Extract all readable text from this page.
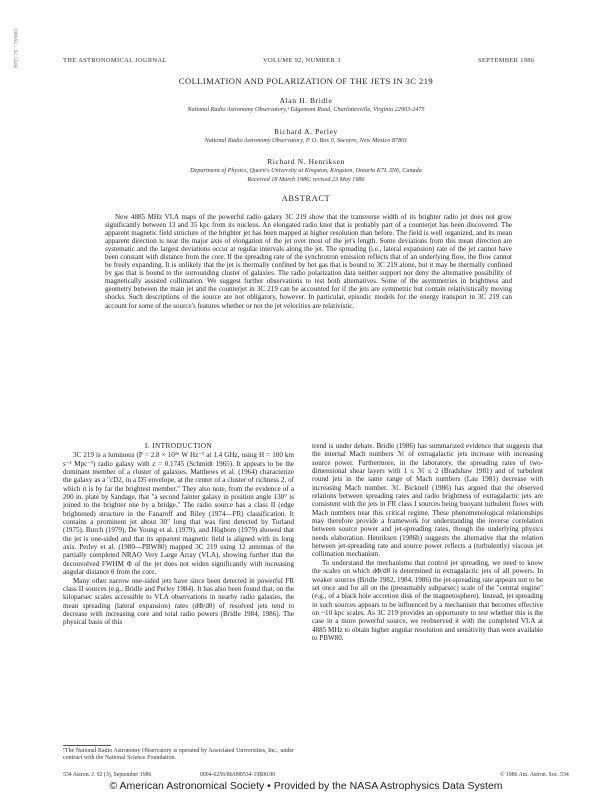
1986AJ.....92..534B	THE ASTRONOMICAL JOURNAL	VOLUME 92, NUMBER 3	SEPTEMBER 1986
COLLIMATION AND POLARIZATION OF THE JETS IN 3C 219
Alan H. Bridle
National Radio Astronomy Observatory,¹ Edgemont Road, Charlottesville, Virginia 22903-2475
Richard A. Perley
National Radio Astronomy Observatory, P. O. Box 0, Socorro, New Mexico 87801
Richard N. Henriksen
Department of Physics, Queen's University at Kingston, Kingston, Ontario K7L 3N6, Canada
Received 18 March 1986; revised 23 May 1986
ABSTRACT
New 4885 MHz VLA maps of the powerful radio galaxy 3C 219 show that the transverse width of its brighter radio jet does not grow significantly between 13 and 35 kpc from its nucleus. An elongated radio knot that is probably part of a counterjet has been discovered. The apparent magnetic field structure of the brighter jet has been mapped at higher resolution than before. The field is well organized, and its mean apparent direction is near the major axis of elongation of the jet over most of the jet's length. Some deviations from this mean direction are systematic and the largest deviations occur at regular intervals along the jet. The spreading (i.e., lateral expansion) rate of the jet cannot have been constant with distance from the core. If the spreading rate of the synchrotron emission reflects that of an underlying flow, the flow cannot be freely expanding. It is unlikely that the jet is thermally confined by hot gas that is bound to 3C 219 alone, but it may be thermally confined by gas that is bound to the surrounding cluster of galaxies. The radio polarization data neither support nor deny the alternative possibility of magnetically assisted collimation. We suggest further observations to test both alternatives. Some of the asymmetries in brightness and geometry between the main jet and the counterjet in 3C 219 can be accounted for if the jets are symmetric but contain relativistically moving shocks. Such descriptions of the source are not obligatory, however. In particular, episodic models for the energy transport in 3C 219 can account for some of the source's features whether or not the jet velocities are relativistic.
I. INTRODUCTION

3C 219 is a luminous (P = 2.8 × 10²⁶ W Hz⁻¹ at 1.4 GHz, using H = 100 km s⁻¹ Mpc⁻¹) radio galaxy with z = 0.1745 (Schmidt 1965). It appears to be the dominant member of a cluster of galaxies. Matthews et al. (1964) characterize the galaxy as a "cD2, in a D5 envelope, at the center of a cluster of richness 2, of which it is by far the brightest member." They also note, from the evidence of a 200 in. plate by Sandage, that "a second fainter galaxy in position angle 130° is joined to the brighter one by a bridge." The radio source has a class II (edge brightened) structure in the Fanaroff and Riley (1974—FR) classification. It contains a prominent jet about 30″ long that was first detected by Turland (1975), Burch (1979), De Young et al. (1979), and Högbom (1979) showed that the jet is one-sided and that its apparent magnetic field is aligned with its long axis. Perley et al. (1980—PBW80) mapped 3C 219 using 12 antennas of the partially completed NRAO Very Large Array (VLA), showing further that the deconvolved FWHM Φ of the jet does not widen significantly with increasing angular distance θ from the core.

Many other narrow one-sided jets have since been detected in powerful FR class II sources (e.g., Bridle and Perley 1984). It has also been found that, on the kiloparsec scales accessible to VLA observations in nearby radio galaxies, the mean spreading (lateral expansion) rates (dΦ/dθ) of resolved jets tend to decrease with increasing core and total radio powers (Bridle 1984, 1986). The physical basis of this

trend is under debate. Bridle (1986) has summarized evidence that suggests that the internal Mach numbers ℳ of extragalactic jets increase with increasing source power. Furthermore, in the laboratory, the spreading rates of two-dimensional shear layers with 1 ≤ ℳ ≤ 2 (Bradshaw 1981) and of turbulent round jets in the same range of Mach numbers (Lau 1981) decrease with increasing Mach number. ℳ. Bicknell (1986) has argued that the observed relations between spreading rates and radio brightness of extragalactic jets are consistent with the jets in FR class I sources being buoyant turbulent flows with Mach numbers near this critical regime. These phenomenological relationships may therefore provide a framework for understanding the inverse correlation between source power and jet-spreading rates, though the underlying physics needs elaboration. Henriksen (1986b) suggests the alternative that the relation between jet-spreading rate and source power reflects a (turbulently) viscous jet collimation mechanism.

To understand the mechanisms that control jet spreading, we need to know the scales on which dΦ/dθ is determined in extragalactic jets of all powers. In weaker sources (Bridle 1982, 1984, 1986) the jet-spreading rate appears not to be set once and for all on the (presumably subparsec) scale of the "central engine" (e.g., of a black hole accretion disk of the magnetosphere). Instead, jet spreading in such sources appears to be influenced by a mechanism that becomes effective on ~10 kpc scales. As 3C 219 provides an opportunity to test whether this is the case in a more powerful source, we reobserved it with the completed VLA at 4885 MHz to obtain higher angular resolution and sensitivity than were available to PBW80.

¹The National Radio Astronomy Observatory is operated by Associated Universities, Inc., under contract with the National Science Foundation.
534 Astron. J. 92 (3), September 1986	0004-6256/86/090534-19$00.90	© 1986 Am. Astron. Soc. 534
© American Astronomical Society • Provided by the NASA Astrophysics Data System
